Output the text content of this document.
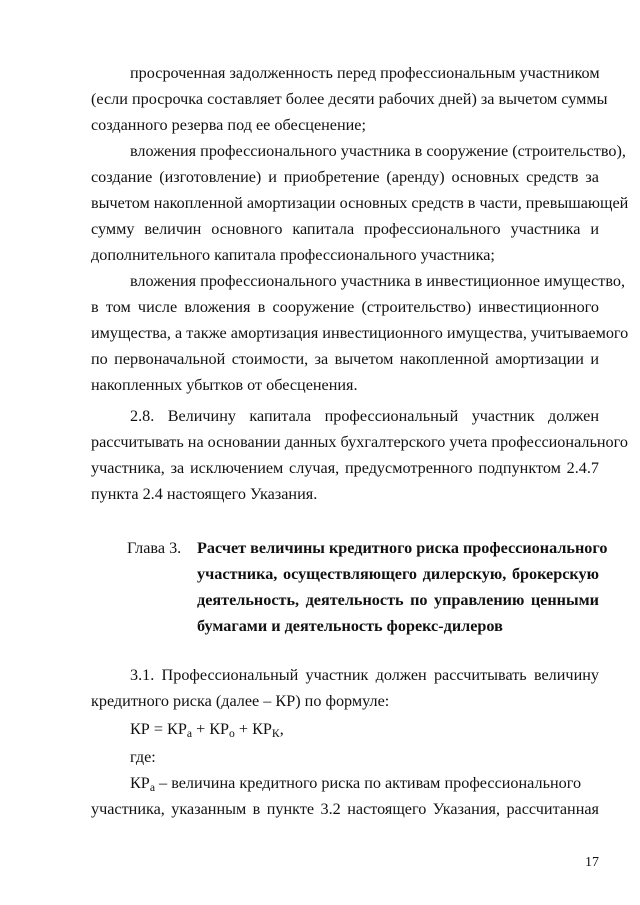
просроченная задолженность перед профессиональным участником
(если просрочка составляет более десяти рабочих дней) за вычетом суммы
созданного резерва под ее обесценение;
вложения профессионального участника в сооружение (строительство),
создание (изготовление) и приобретение (аренду) основных средств за
вычетом накопленной амортизации основных средств в части, превышающей
сумму величин основного капитала профессионального участника и
дополнительного капитала профессионального участника;
вложения профессионального участника в инвестиционное имущество,
в том числе вложения в сооружение (строительство) инвестиционного
имущества, а также амортизация инвестиционного имущества, учитываемого
по первоначальной стоимости, за вычетом накопленной амортизации и
накопленных убытков от обесценения.
2.8. Величину капитала профессиональный участник должен
рассчитывать на основании данных бухгалтерского учета профессионального
участника, за исключением случая, предусмотренного подпунктом 2.4.7
пункта 2.4 настоящего Указания.
Глава 3. Расчет величины кредитного риска профессионального
участника, осуществляющего дилерскую, брокерскую
деятельность, деятельность по управлению ценными
бумагами и деятельность форекс-дилеров
3.1. Профессиональный участник должен рассчитывать величину
кредитного риска (далее – КР) по формуле:
КР = $КР_а + КР_о + КР_К$,
где:
$КР_а$ – величина кредитного риска по активам профессионального
участника, указанным в пункте 3.2 настоящего Указания, рассчитанная
17
